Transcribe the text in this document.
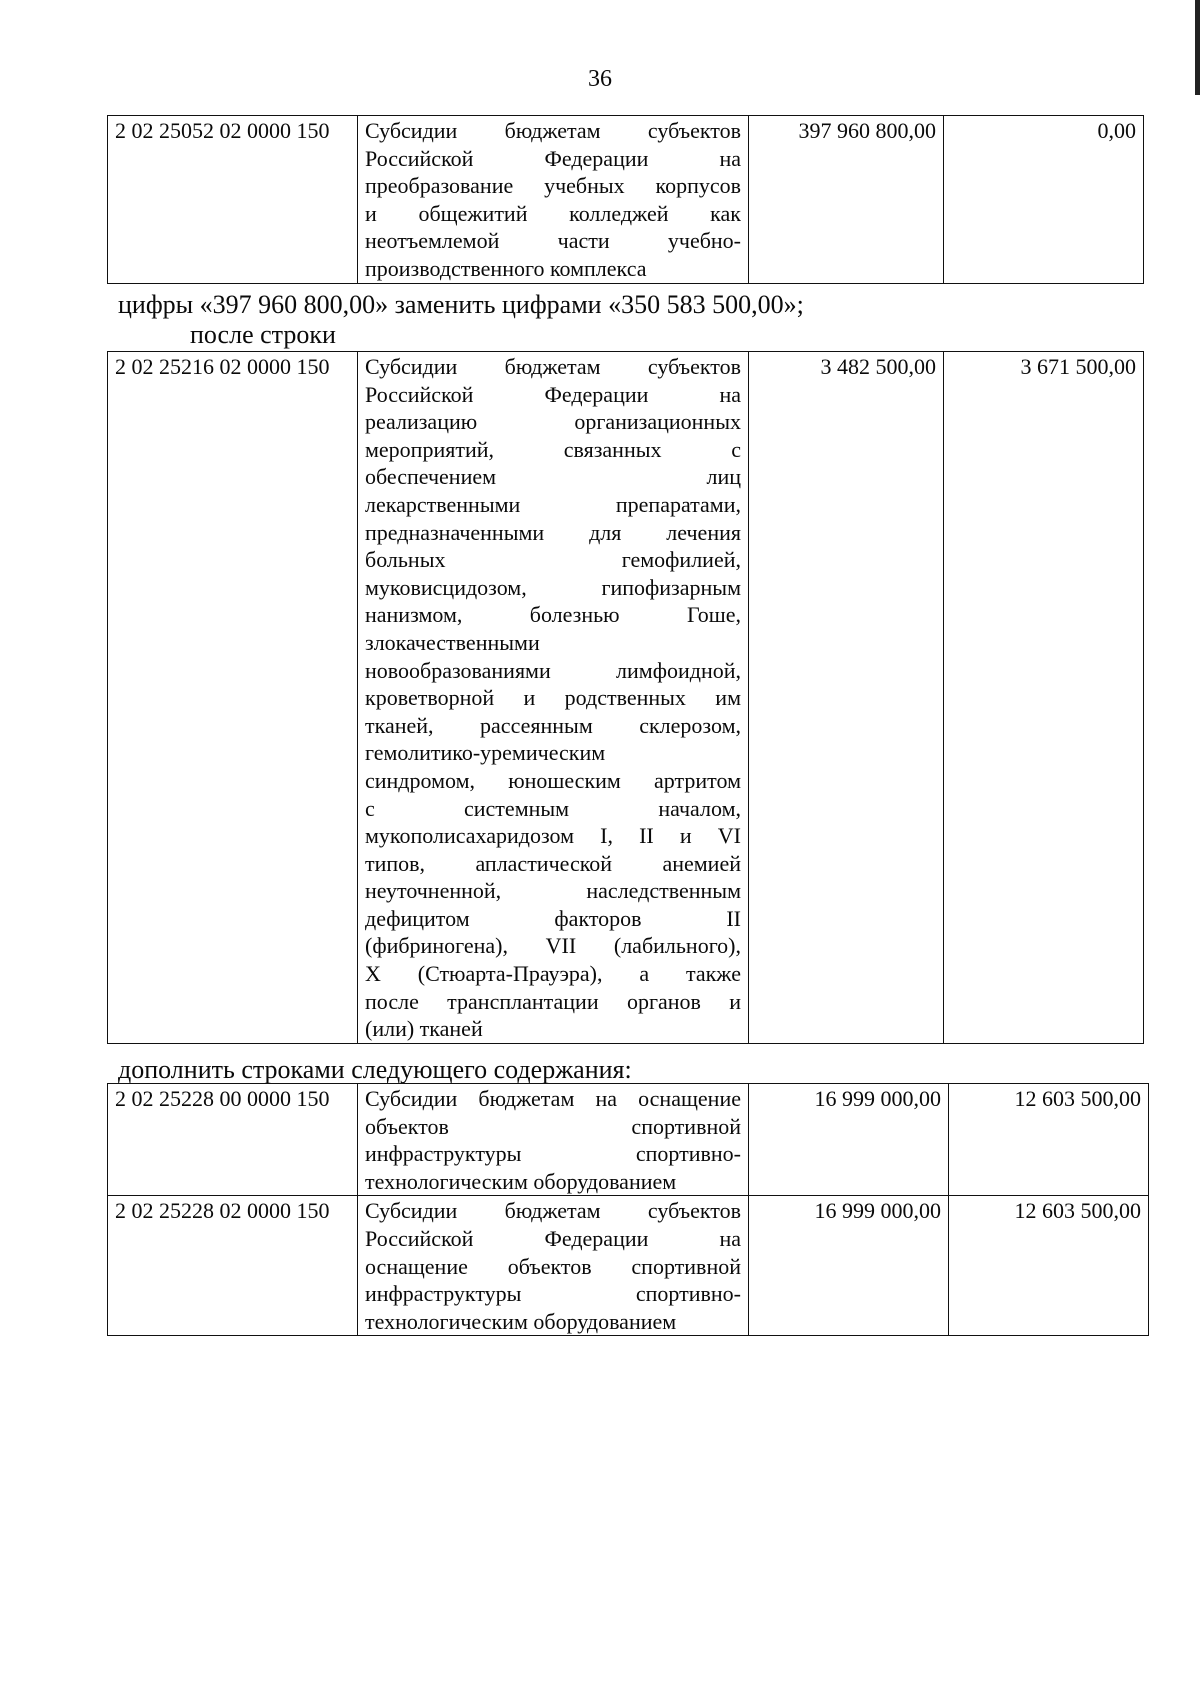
36
2 02 25052 02 0000 150	Субсидии бюджетам субъектов
Российской Федерации на
преобразование учебных корпусов
и общежитий колледжей как
неотъемлемой части учебно-
производственного комплекса
	397 960 800,00	0,00
цифры «397 960 800,00» заменить цифрами «350 583 500,00»;
после строки
2 02 25216 02 0000 150	Субсидии бюджетам субъектов
Российской Федерации на
реализацию организационных
мероприятий, связанных с
обеспечением лиц
лекарственными препаратами,
предназначенными для лечения
больных гемофилией,
муковисцидозом, гипофизарным
нанизмом, болезнью Гоше,
злокачественными
новообразованиями лимфоидной,
кроветворной и родственных им
тканей, рассеянным склерозом,
гемолитико-уремическим
синдромом, юношеским артритом
с системным началом,
мукополисахаридозом I, II и VI
типов, апластической анемией
неуточненной, наследственным
дефицитом факторов II
(фибриногена), VII (лабильного),
X (Стюарта-Прауэра), а также
после трансплантации органов и
(или) тканей
	3 482 500,00	3 671 500,00
дополнить строками следующего содержания:
2 02 25228 00 0000 150	Субсидии бюджетам на оснащение
объектов спортивной
инфраструктуры спортивно-
технологическим оборудованием	16 999 000,00	12 603 500,00
2 02 25228 02 0000 150	Субсидии бюджетам субъектов
Российской Федерации на
оснащение объектов спортивной
инфраструктуры спортивно-
технологическим оборудованием	16 999 000,00	12 603 500,00
